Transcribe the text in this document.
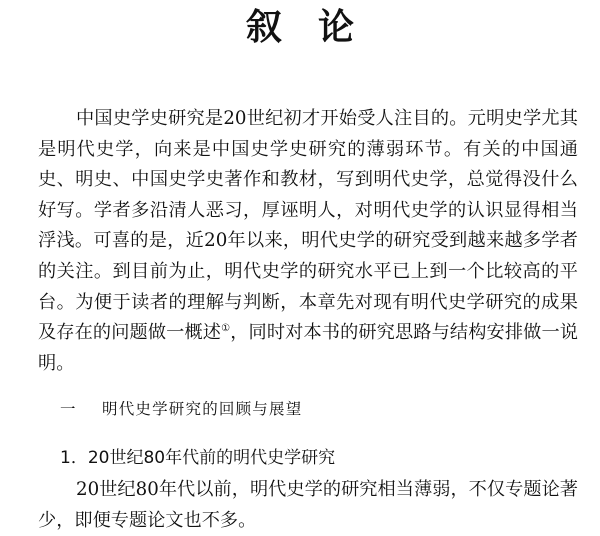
叙论

中国史学史研究是20世纪初才开始受人注目的。元明史学尤其是明代史学，向来是中国史学史研究的薄弱环节。有关的中国通史、明史、中国史学史著作和教材，写到明代史学，总觉得没什么好写。学者多沿清人恶习，厚诬明人，对明代史学的认识显得相当浮浅。可喜的是，近20年以来，明代史学的研究受到越来越多学者的关注。到目前为止，明代史学的研究水平已上到一个比较高的平台。为便于读者的理解与判断，本章先对现有明代史学研究的成果及存在的问题做一概述①，同时对本书的研究思路与结构安排做一说明。

一 明代史学研究的回顾与展望
1．20世纪80年代前的明代史学研究

20世纪80年代以前，明代史学的研究相当薄弱，不仅专题论著少，即便专题论文也不多。
